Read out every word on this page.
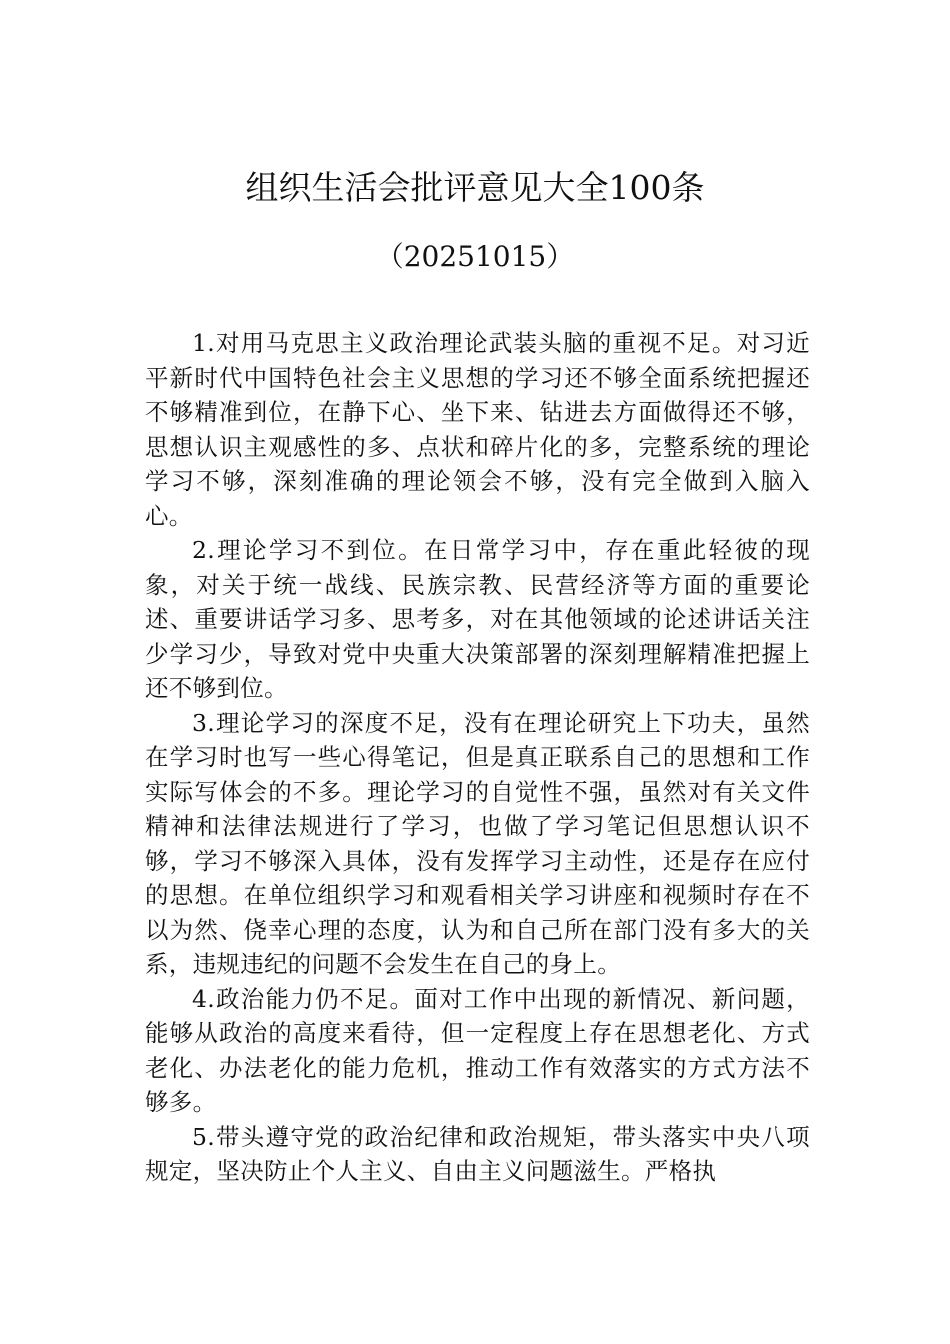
组织生活会批评意见大全100条
（20251015）

1.对用马克思主义政治理论武装头脑的重视不足。对习近平新时代中国特色社会主义思想的学习还不够全面系统把握还不够精准到位，在静下心、坐下来、钻进去方面做得还不够，思想认识主观感性的多、点状和碎片化的多，完整系统的理论学习不够，深刻准确的理论领会不够，没有完全做到入脑入心。

2.理论学习不到位。在日常学习中，存在重此轻彼的现象，对关于统一战线、民族宗教、民营经济等方面的重要论述、重要讲话学习多、思考多，对在其他领域的论述讲话关注少学习少，导致对党中央重大决策部署的深刻理解精准把握上还不够到位。

3.理论学习的深度不足，没有在理论研究上下功夫，虽然在学习时也写一些心得笔记，但是真正联系自己的思想和工作实际写体会的不多。理论学习的自觉性不强，虽然对有关文件精神和法律法规进行了学习，也做了学习笔记但思想认识不够，学习不够深入具体，没有发挥学习主动性，还是存在应付的思想。在单位组织学习和观看相关学习讲座和视频时存在不以为然、侥幸心理的态度，认为和自己所在部门没有多大的关系，违规违纪的问题不会发生在自己的身上。

4.政治能力仍不足。面对工作中出现的新情况、新问题，能够从政治的高度来看待，但一定程度上存在思想老化、方式老化、办法老化的能力危机，推动工作有效落实的方式方法不够多。

5.带头遵守党的政治纪律和政治规矩，带头落实中央八项规定，坚决防止个人主义、自由主义问题滋生。严格执
